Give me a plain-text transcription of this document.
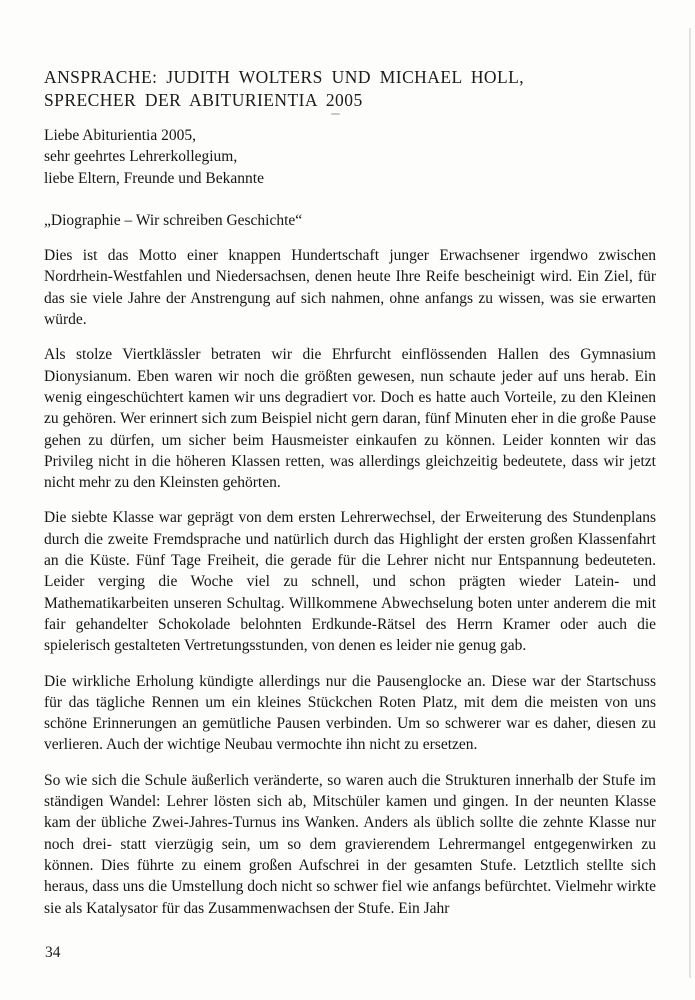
ANSPRACHE: JUDITH WOLTERS UND MICHAEL HOLL,
SPRECHER DER ABITURIENTIA 2005
Liebe Abiturientia 2005,
sehr geehrtes Lehrerkollegium,
liebe Eltern, Freunde und Bekannte

„Diographie – Wir schreiben Geschichte“

Dies ist das Motto einer knappen Hundertschaft junger Erwachsener irgendwo zwischen Nordrhein-Westfahlen und Niedersachsen, denen heute Ihre Reife bescheinigt wird. Ein Ziel, für das sie viele Jahre der Anstrengung auf sich nahmen, ohne anfangs zu wissen, was sie erwarten würde.

Als stolze Viertklässler betraten wir die Ehrfurcht einflössenden Hallen des Gymnasium Dionysianum. Eben waren wir noch die größten gewesen, nun schaute jeder auf uns herab. Ein wenig eingeschüchtert kamen wir uns degradiert vor. Doch es hatte auch Vorteile, zu den Kleinen zu gehören. Wer erinnert sich zum Beispiel nicht gern daran, fünf Minuten eher in die große Pause gehen zu dürfen, um sicher beim Hausmeister einkaufen zu können. Leider konnten wir das Privileg nicht in die höheren Klassen retten, was allerdings gleichzeitig bedeutete, dass wir jetzt nicht mehr zu den Kleinsten gehörten.

Die siebte Klasse war geprägt von dem ersten Lehrerwechsel, der Erweiterung des Stundenplans durch die zweite Fremdsprache und natürlich durch das Highlight der ersten großen Klassenfahrt an die Küste. Fünf Tage Freiheit, die gerade für die Lehrer nicht nur Entspannung bedeuteten. Leider verging die Woche viel zu schnell, und schon prägten wieder Latein- und Mathematikarbeiten unseren Schultag. Willkommene Abwechselung boten unter anderem die mit fair gehandelter Schokolade belohnten Erdkunde-Rätsel des Herrn Kramer oder auch die spielerisch gestalteten Vertretungsstunden, von denen es leider nie genug gab.

Die wirkliche Erholung kündigte allerdings nur die Pausenglocke an. Diese war der Startschuss für das tägliche Rennen um ein kleines Stückchen Roten Platz, mit dem die meisten von uns schöne Erinnerungen an gemütliche Pausen verbinden. Um so schwerer war es daher, diesen zu verlieren. Auch der wichtige Neubau vermochte ihn nicht zu ersetzen.

So wie sich die Schule äußerlich veränderte, so waren auch die Strukturen innerhalb der Stufe im ständigen Wandel: Lehrer lösten sich ab, Mitschüler kamen und gingen. In der neunten Klasse kam der übliche Zwei-Jahres-Turnus ins Wanken. Anders als üblich sollte die zehnte Klasse nur noch drei- statt vierzügig sein, um so dem gravierendem Lehrermangel entgegenwirken zu können. Dies führte zu einem großen Aufschrei in der gesamten Stufe. Letztlich stellte sich heraus, dass uns die Umstellung doch nicht so schwer fiel wie anfangs befürchtet. Vielmehr wirkte sie als Katalysator für das Zusammenwachsen der Stufe. Ein Jahr

34
